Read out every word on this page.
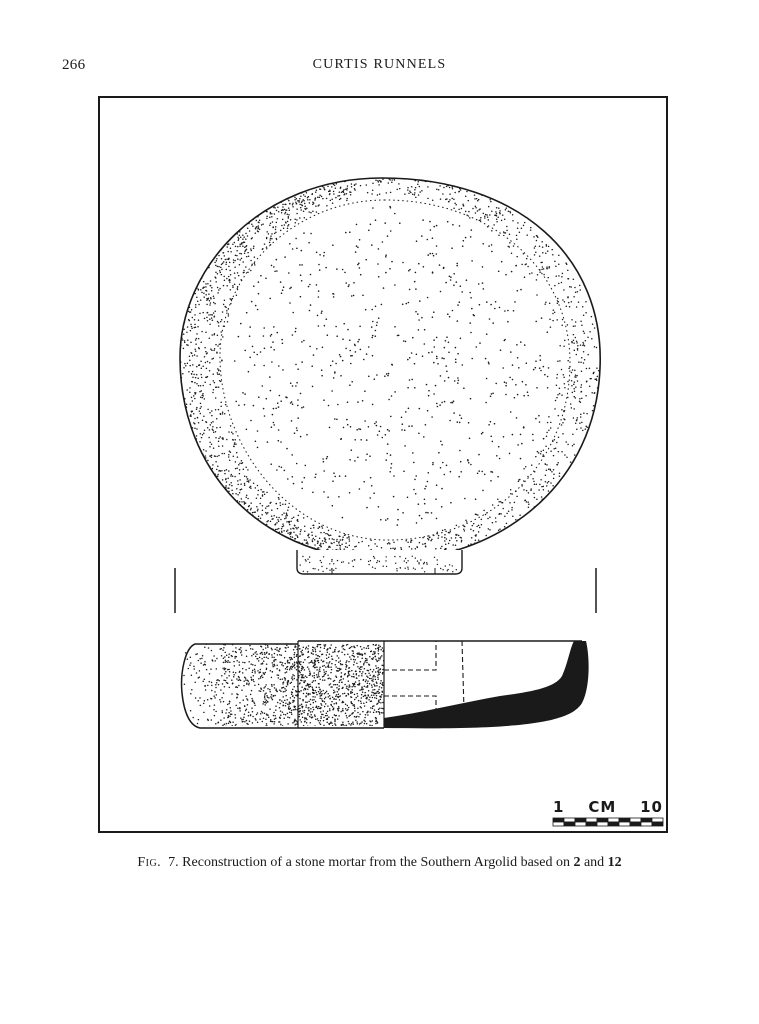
266	CURTIS RUNNELS
1 CM 10
Fig. 7. Reconstruction of a stone mortar from the Southern Argolid based on 2 and 12
